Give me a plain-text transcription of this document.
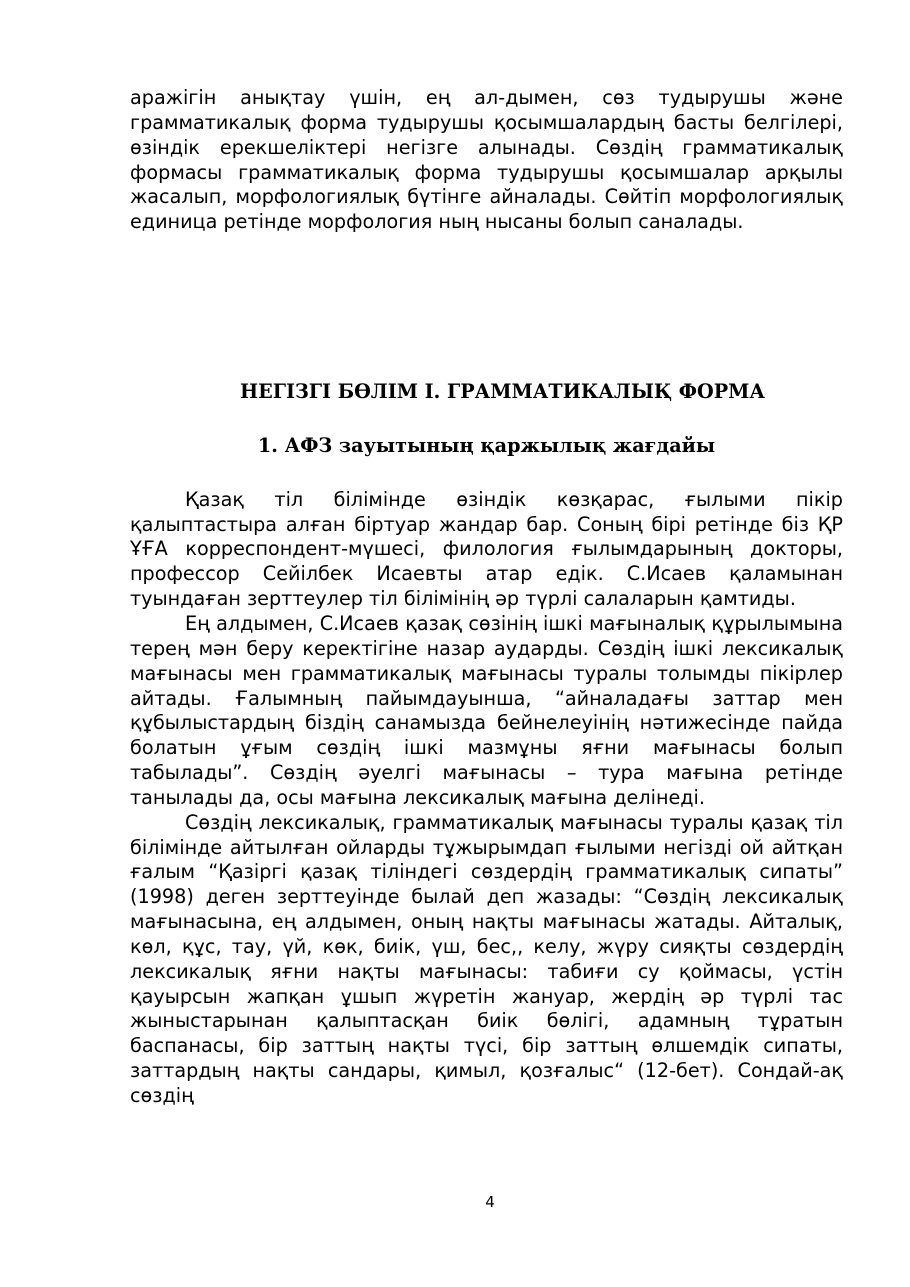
аражігін анықтау үшін, ең ал-дымен, сөз тудырушы және грамматикалық форма тудырушы қосымшалардың басты белгілері, өзіндік ерекшеліктері негізге алынады. Сөздің грамматикалық формасы грамматикалық форма тудырушы қосымшалар арқылы жасалып, морфологиялық бүтінге айналады. Сөйтіп морфологиялық единица ретінде морфология ның нысаны болып саналады.

НЕГІЗГІ БӨЛІМ І. ГРАММАТИКАЛЫҚ ФОРМА
1. АФЗ зауытының қаржылық жағдайы

Қазақ тіл білімінде өзіндік көзқарас, ғылыми пікір қалыптастыра алған біртуар жандар бар. Соның бірі ретінде біз ҚР ҰҒА корреспондент-мүшесі, филология ғылымдарының докторы, профессор Сейілбек Исаевты атар едік. С.Исаев қаламынан туындаған зерттеулер тіл білімінің әр түрлі салаларын қамтиды.

Ең алдымен, С.Исаев қазақ сөзінің ішкі мағыналық құрылымына терең мән беру керектігіне назар аударды. Сөздің ішкі лексикалық мағынасы мен грамматикалық мағынасы туралы толымды пікірлер айтады. Ғалымның пайымдауынша, “айналадағы заттар мен құбылыстардың біздің санамызда бейнелеуінің нәтижесінде пайда болатын ұғым сөздің ішкі мазмұны яғни мағынасы болып табылады”. Сөздің әуелгі мағынасы – тура мағына ретінде танылады да, осы мағына лексикалық мағына делінеді.

Сөздің лексикалық, грамматикалық мағынасы туралы қазақ тіл білімінде айтылған ойларды тұжырымдап ғылыми негізді ой айтқан ғалым “Қазіргі қазақ тіліндегі сөздердің грамматикалық сипаты” (1998) деген зерттеуінде былай деп жазады: “Сөздің лексикалық мағынасына, ең алдымен, оның нақты мағынасы жатады. Айталық, көл, құс, тау, үй, көк, биік, үш, бес,, келу, жүру сияқты сөздердің лексикалық яғни нақты мағынасы: табиғи су қоймасы, үстін қауырсын жапқан ұшып жүретін жануар, жердің әр түрлі тас жыныстарынан қалыптасқан биік бөлігі, адамның тұратын баспанасы, бір заттың нақты түсі, бір заттың өлшемдік сипаты, заттардың нақты сандары, қимыл, қозғалыс“ (12-бет). Сондай-ақ сөздің

4
